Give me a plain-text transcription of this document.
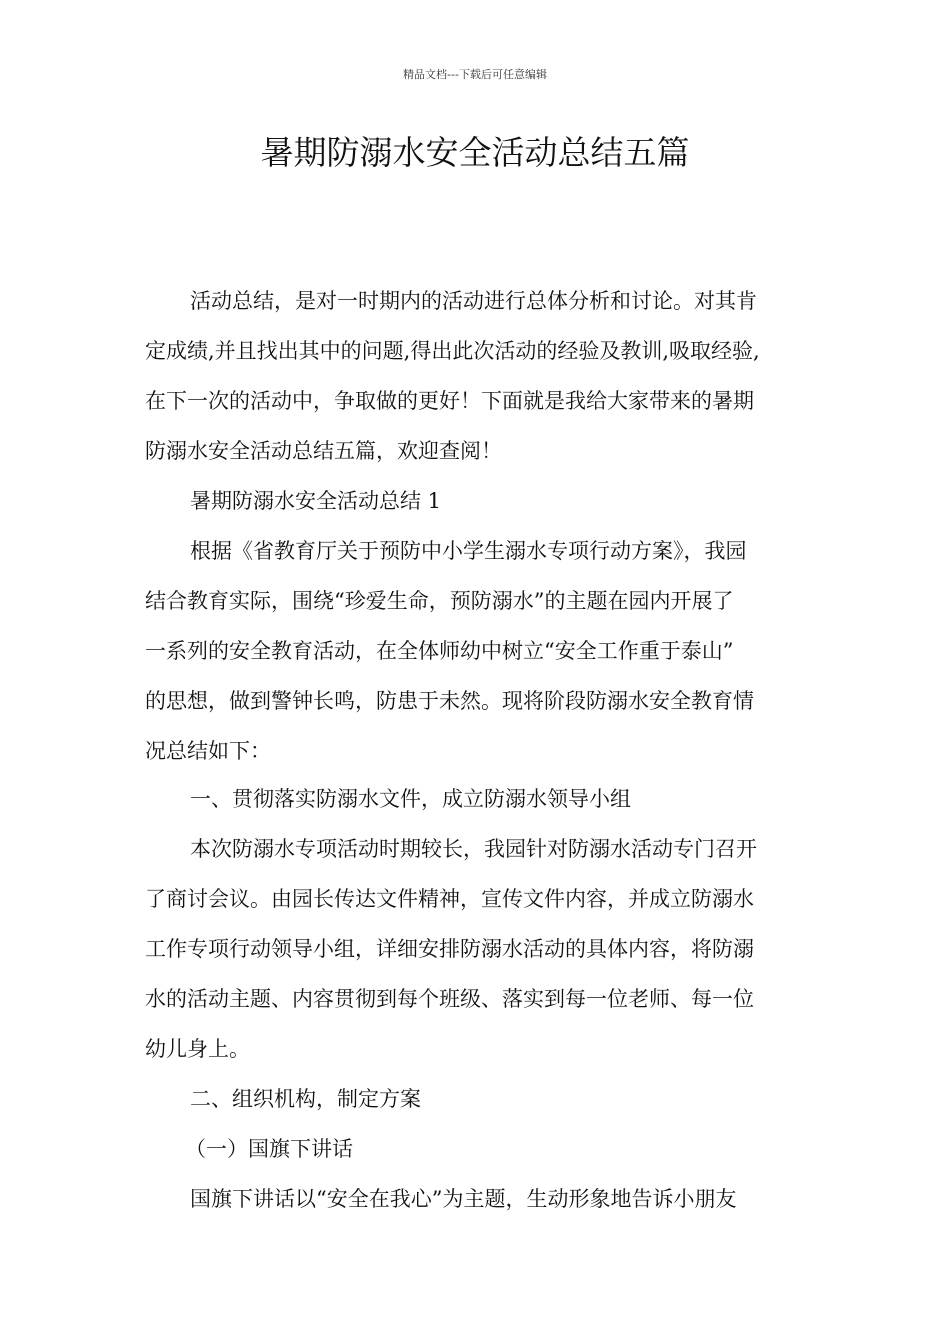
精品文档---下载后可任意编辑
暑期防溺水安全活动总结五篇
活动总结，是对一时期内的活动进行总体分析和讨论。对其肯
定成绩,并且找出其中的问题,得出此次活动的经验及教训,吸取经验,
在下一次的活动中，争取做的更好！下面就是我给大家带来的暑期
防溺水安全活动总结五篇，欢迎查阅！
暑期防溺水安全活动总结 1
根据《省教育厅关于预防中小学生溺水专项行动方案》，我园
结合教育实际，围绕“珍爱生命，预防溺水”的主题在园内开展了
一系列的安全教育活动，在全体师幼中树立“安全工作重于泰山”
的思想，做到警钟长鸣，防患于未然。现将阶段防溺水安全教育情
况总结如下：
一、贯彻落实防溺水文件，成立防溺水领导小组
本次防溺水专项活动时期较长，我园针对防溺水活动专门召开
了商讨会议。由园长传达文件精神，宣传文件内容，并成立防溺水
工作专项行动领导小组，详细安排防溺水活动的具体内容，将防溺
水的活动主题、内容贯彻到每个班级、落实到每一位老师、每一位
幼儿身上。
二、组织机构，制定方案
（一）国旗下讲话
国旗下讲话以“安全在我心”为主题，生动形象地告诉小朋友
